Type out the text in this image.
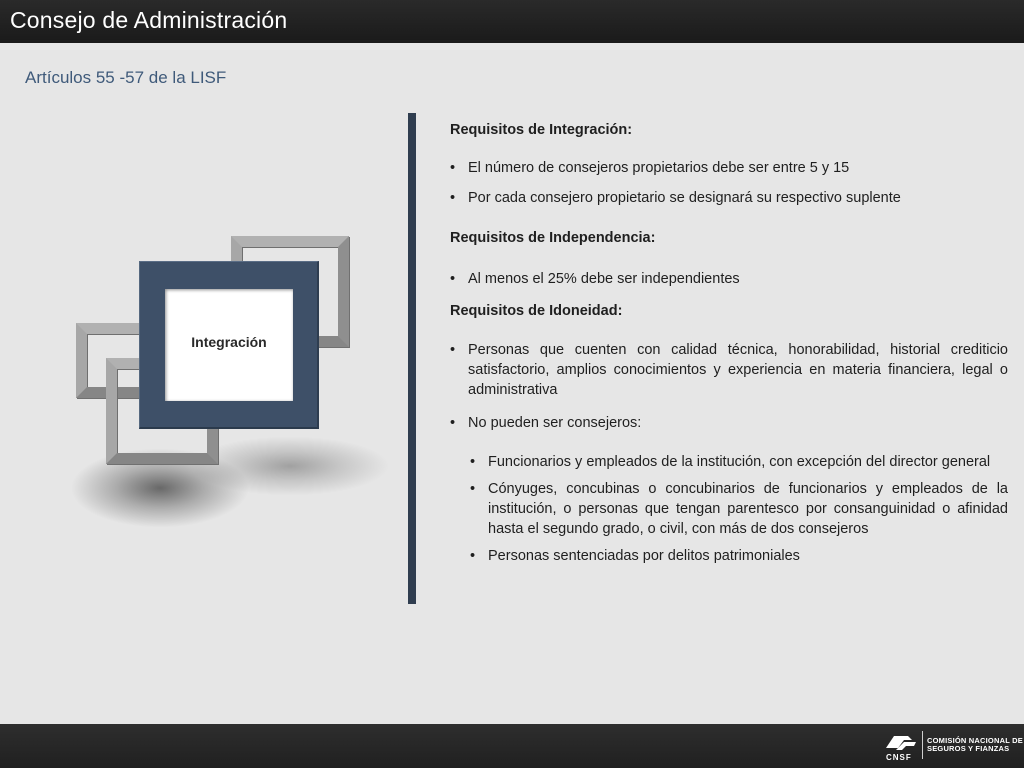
Consejo de Administración
Artículos 55 -57 de la LISF
Integración

Requisitos de Integración:

• El número de consejeros propietarios debe ser entre 5 y 15
• Por cada consejero propietario se designará su respectivo suplente

Requisitos de Independencia:

• Al menos el 25% debe ser independientes

Requisitos de Idoneidad:

• Personas que cuenten con calidad técnica, honorabilidad, historial crediticio satisfactorio, amplios conocimientos y experiencia en materia financiera, legal o administrativa
• No pueden ser consejeros:
• Funcionarios y empleados de la institución, con excepción del director general
• Cónyuges, concubinas o concubinarios de funcionarios y empleados de la institución, o personas que tengan parentesco por consanguinidad o afinidad hasta el segundo grado, o civil, con más de dos consejeros
• Personas sentenciadas por delitos patrimoniales
CNSF
COMISIÓN NACIONAL DE
SEGUROS Y FIANZAS
